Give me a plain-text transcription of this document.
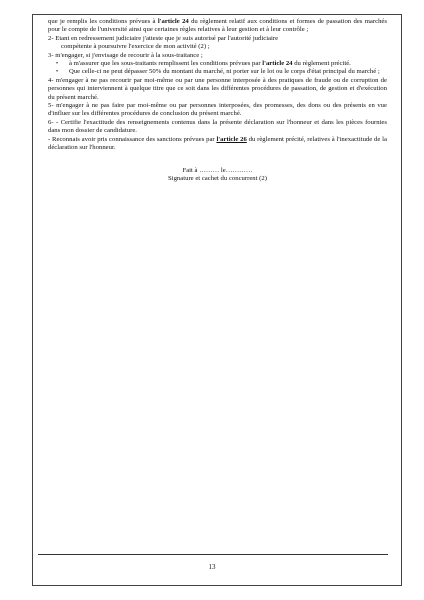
que je remplis les conditions prévues à l'article 24 du règlement relatif aux conditions et formes de passation des marchés pour le compte de l'université ainsi que certaines règles relatives à leur gestion et à leur contrôle ;

2- Etant en redressement judiciaire j'atteste que je suis autorisé par l'autorité judiciaire
compétente à poursuivre l'exercice de mon activité (2) ;

3- m'engager, si j'envisage de recourir à la sous-traitance ;

• à m'assurer que les sous-traitants remplissent les conditions prévues par l'article 24 du règlement précité.

• Que celle-ci ne peut dépasser 50% du montant du marché, ni porter sur le lot ou le corps d'état principal du marché ;

4- m'engager à ne pas recourir par moi-même ou par une personne interposée à des pratiques de fraude ou de corruption de personnes qui interviennent à quelque titre que ce soit dans les différentes procédures de passation, de gestion et d'exécution du présent marché.

5- m'engager à ne pas faire par moi-même ou par personnes interposées, des promesses, des dons ou des présents en vue d'influer sur les différentes procédures de conclusion du présent marché.

6- - Certifie l'exactitude des renseignements contenus dans la présente déclaration sur l'honneur et dans les pièces fournies dans mon dossier de candidature.

- Reconnais avoir pris connaissance des sanctions prévues par l'article 26 du règlement précité, relatives à l'inexactitude de la déclaration sur l'honneur.

Fait à ……… le…………

Signature et cachet du concurrent (2)

13
